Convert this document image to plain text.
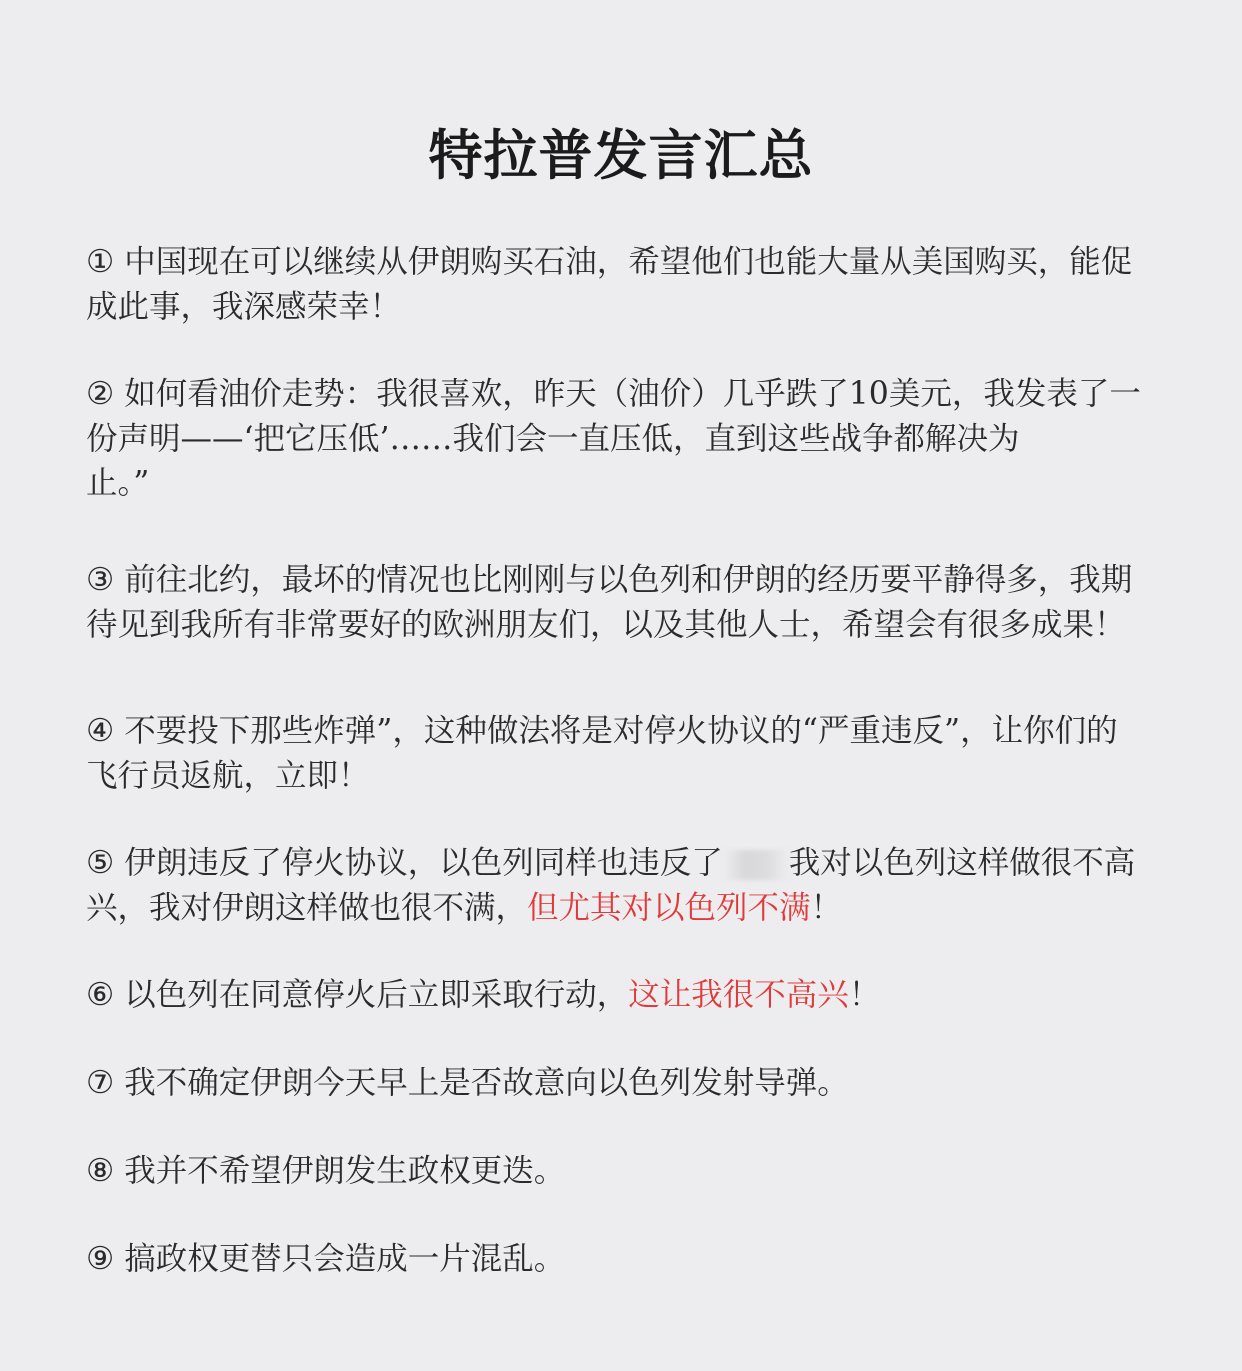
特拉普发言汇总

① 中国现在可以继续从伊朗购买石油，希望他们也能大量从美国购买，能促
成此事，我深感荣幸！

② 如何看油价走势：我很喜欢，昨天（油价）几乎跌了10美元，我发表了一
份声明——‘把它压低’……我们会一直压低，直到这些战争都解决为
止。”

③ 前往北约，最坏的情况也比刚刚与以色列和伊朗的经历要平静得多，我期
待见到我所有非常要好的欧洲朋友们，以及其他人士，希望会有很多成果！

④ 不要投下那些炸弹”，这种做法将是对停火协议的“严重违反”，让你们的
飞行员返航，立即！

⑤ 伊朗违反了停火协议，以色列同样也违反了 我对以色列这样做很不高
兴，我对伊朗这样做也很不满，但尤其对以色列不满！

⑥ 以色列在同意停火后立即采取行动，这让我很不高兴！

⑦ 我不确定伊朗今天早上是否故意向以色列发射导弹。

⑧ 我并不希望伊朗发生政权更迭。

⑨ 搞政权更替只会造成一片混乱。
